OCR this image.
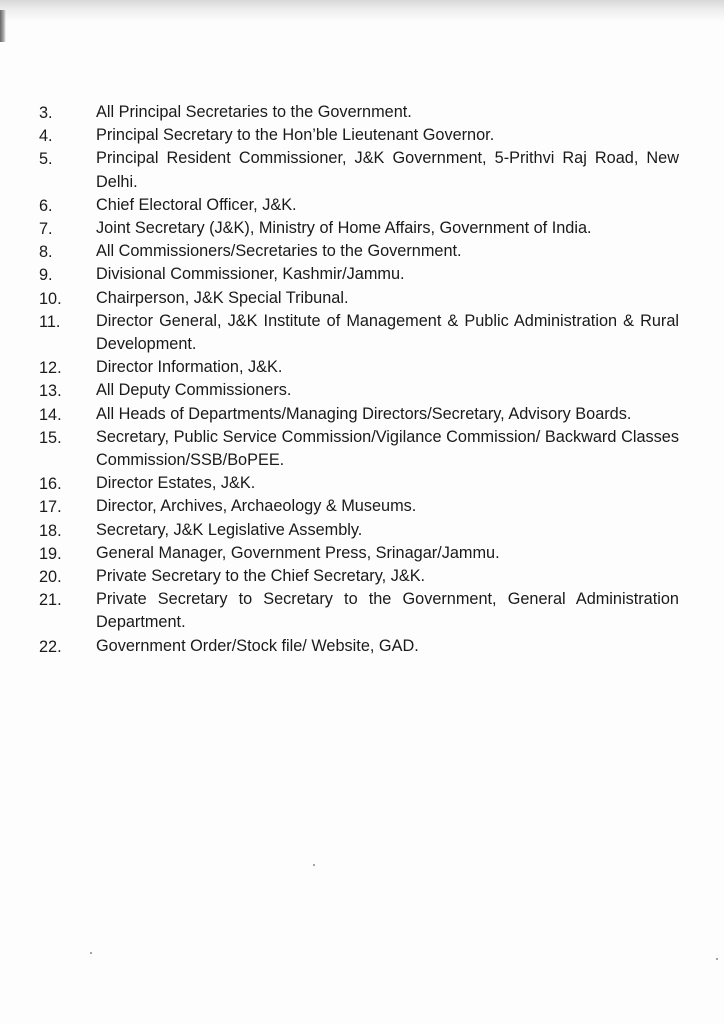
3.	All Principal Secretaries to the Government.
4.	Principal Secretary to the Hon’ble Lieutenant Governor.
5.	Principal Resident Commissioner, J&K Government, 5-Prithvi Raj Road, New Delhi.
6.	Chief Electoral Officer, J&K.
7.	Joint Secretary (J&K), Ministry of Home Affairs, Government of India.
8.	All Commissioners/Secretaries to the Government.
9.	Divisional Commissioner, Kashmir/Jammu.
10.	Chairperson, J&K Special Tribunal.
11.	Director General, J&K Institute of Management & Public Administration & Rural Development.
12.	Director Information, J&K.
13.	All Deputy Commissioners.
14.	All Heads of Departments/Managing Directors/Secretary, Advisory Boards.
15.	Secretary, Public Service Commission/Vigilance Commission/ Backward Classes Commission/SSB/BoPEE.
16.	Director Estates, J&K.
17.	Director, Archives, Archaeology & Museums.
18.	Secretary, J&K Legislative Assembly.
19.	General Manager, Government Press, Srinagar/Jammu.
20.	Private Secretary to the Chief Secretary, J&K.
21.	Private Secretary to Secretary to the Government, General Administration Department.
22.	Government Order/Stock file/ Website, GAD.
